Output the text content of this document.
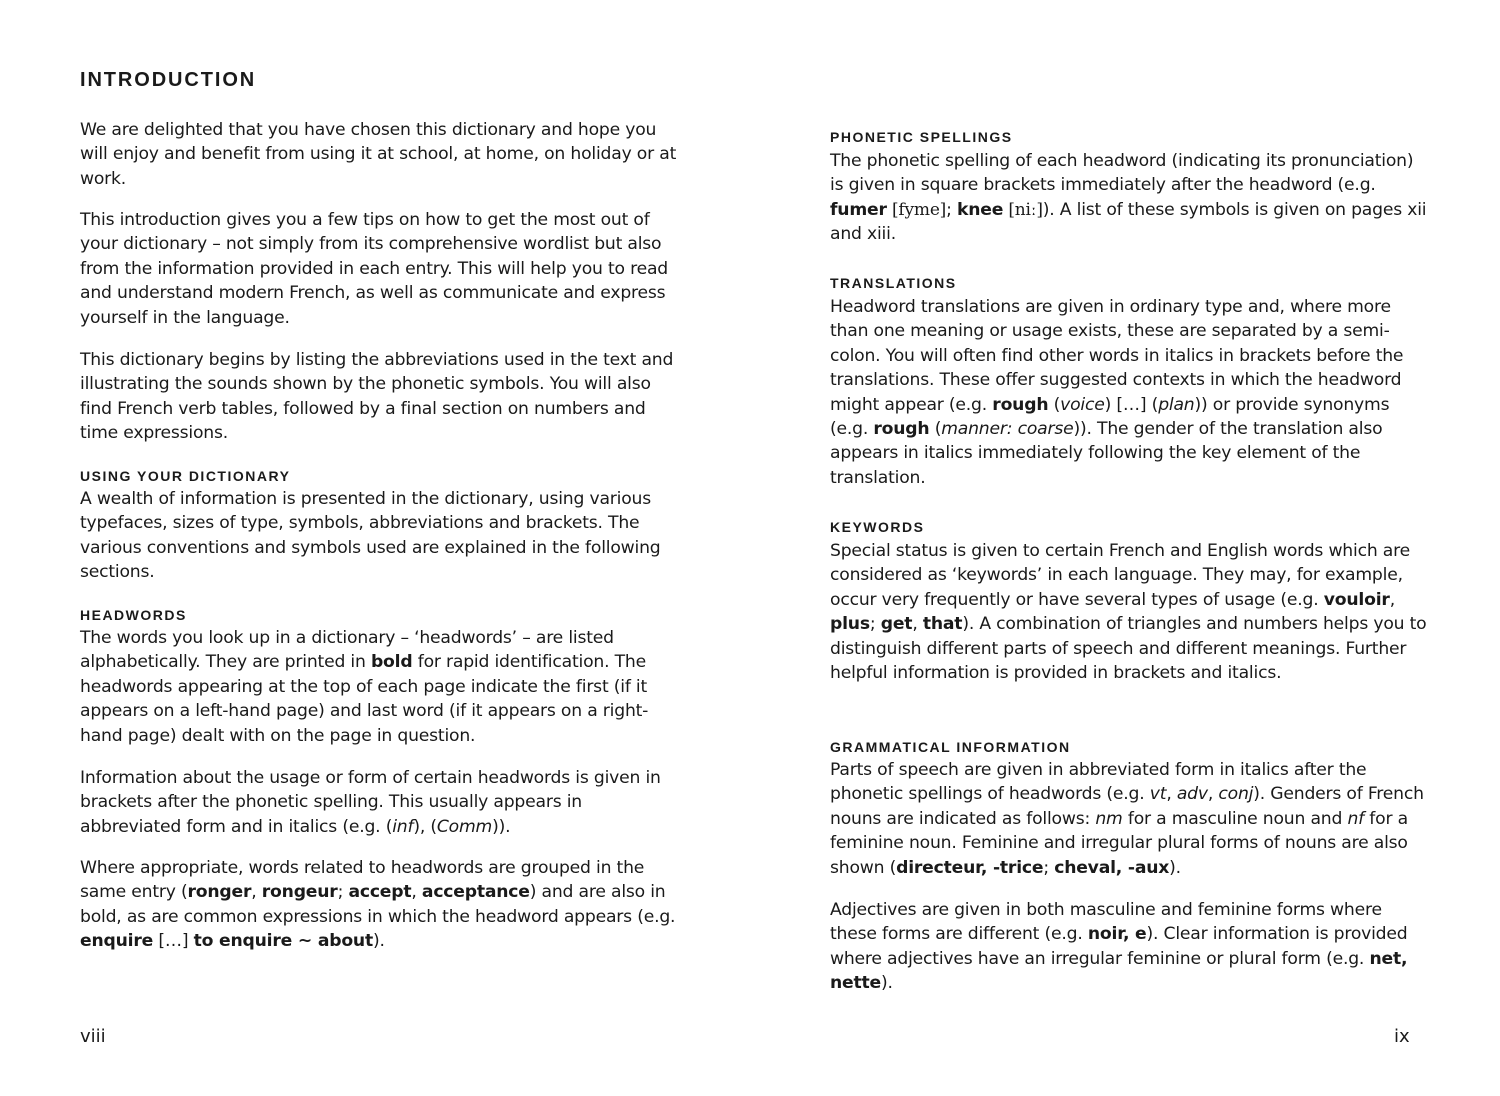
INTRODUCTION

We are delighted that you have chosen this dictionary and hope you will enjoy and benefit from using it at school, at home, on holiday or at work.

This introduction gives you a few tips on how to get the most out of your dictionary – not simply from its comprehensive wordlist but also from the information provided in each entry. This will help you to read and understand modern French, as well as communicate and express yourself in the language.

This dictionary begins by listing the abbreviations used in the text and illustrating the sounds shown by the phonetic symbols. You will also find French verb tables, followed by a final section on numbers and time expressions.

USING YOUR DICTIONARY

A wealth of information is presented in the dictionary, using various typefaces, sizes of type, symbols, abbreviations and brackets. The various conventions and symbols used are explained in the following sections.

HEADWORDS

The words you look up in a dictionary – ‘headwords’ – are listed alphabetically. They are printed in bold for rapid identification. The headwords appearing at the top of each page indicate the first (if it appears on a left-hand page) and last word (if it appears on a right-hand page) dealt with on the page in question.

Information about the usage or form of certain headwords is given in brackets after the phonetic spelling. This usually appears in abbreviated form and in italics (e.g. (inf), (Comm)).

Where appropriate, words related to headwords are grouped in the same entry (ronger, rongeur; accept, acceptance) and are also in bold, as are common expressions in which the headword appears (e.g. enquire […] to enquire ~ about).

viii

PHONETIC SPELLINGS

The phonetic spelling of each headword (indicating its pronunciation) is given in square brackets immediately after the headword (e.g. fumer [fyme]; knee [niː]). A list of these symbols is given on pages xii and xiii.

TRANSLATIONS

Headword translations are given in ordinary type and, where more than one meaning or usage exists, these are separated by a semi-colon. You will often find other words in italics in brackets before the translations. These offer suggested contexts in which the headword might appear (e.g. rough (voice) […] (plan)) or provide synonyms (e.g. rough (manner: coarse)). The gender of the translation also appears in italics immediately following the key element of the translation.

KEYWORDS

Special status is given to certain French and English words which are considered as ‘keywords’ in each language. They may, for example, occur very frequently or have several types of usage (e.g. vouloir, plus; get, that). A combination of triangles and numbers helps you to distinguish different parts of speech and different meanings. Further helpful information is provided in brackets and italics.

GRAMMATICAL INFORMATION

Parts of speech are given in abbreviated form in italics after the phonetic spellings of headwords (e.g. vt, adv, conj). Genders of French nouns are indicated as follows: nm for a masculine noun and nf for a feminine noun. Feminine and irregular plural forms of nouns are also shown (directeur, -trice; cheval, -aux).

Adjectives are given in both masculine and feminine forms where these forms are different (e.g. noir, e). Clear information is provided where adjectives have an irregular feminine or plural form (e.g. net, nette).

ix
